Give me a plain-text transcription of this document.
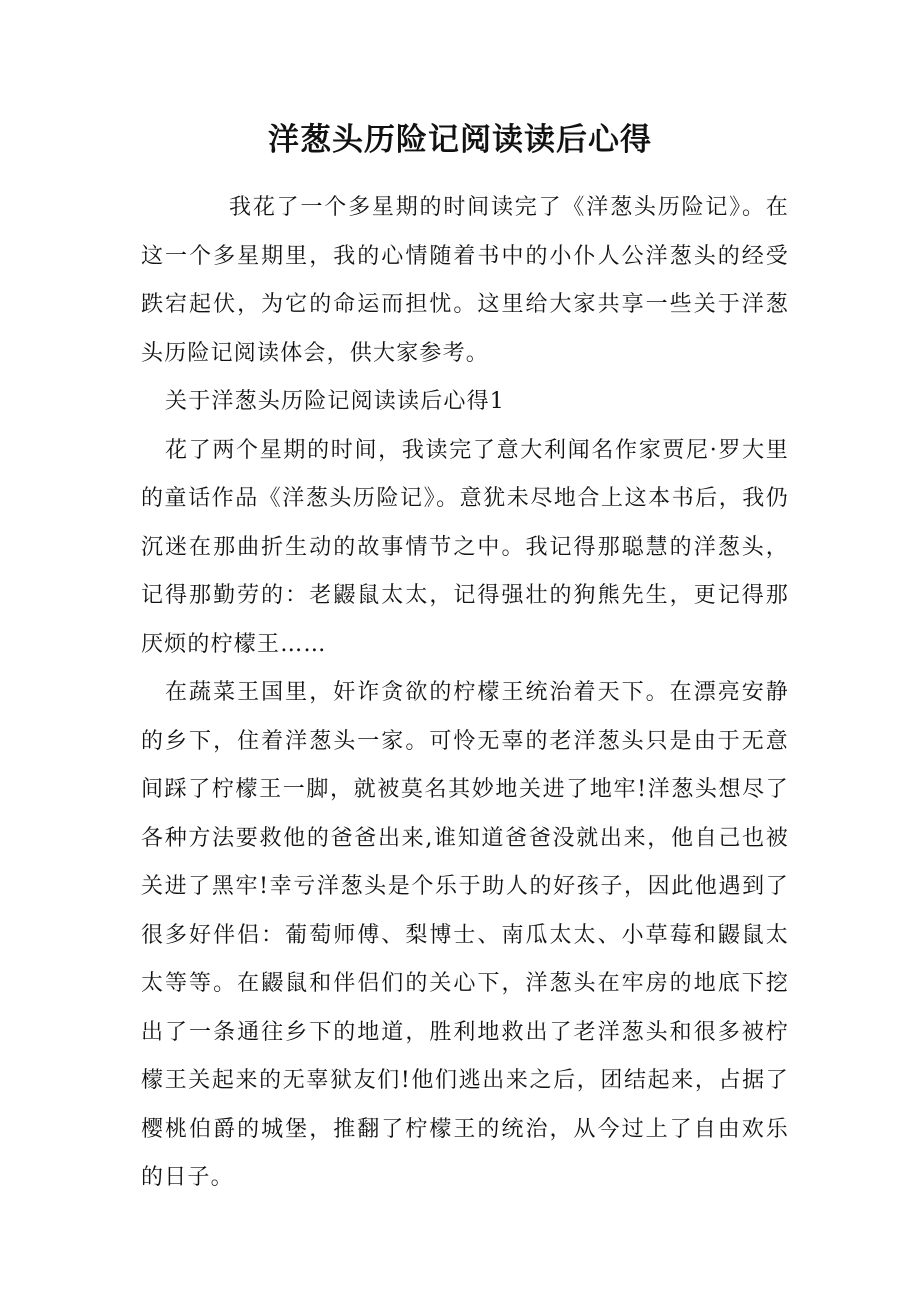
洋葱头历险记阅读读后心得

我花了一个多星期的时间读完了《洋葱头历险记》。在这一个多星期里，我的心情随着书中的小仆人公洋葱头的经受跌宕起伏，为它的命运而担忧。这里给大家共享一些关于洋葱头历险记阅读体会，供大家参考。

关于洋葱头历险记阅读读后心得1

花了两个星期的时间，我读完了意大利闻名作家贾尼·罗大里的童话作品《洋葱头历险记》。意犹未尽地合上这本书后，我仍沉迷在那曲折生动的故事情节之中。我记得那聪慧的洋葱头，记得那勤劳的：老鼹鼠太太，记得强壮的狗熊先生，更记得那厌烦的柠檬王……

在蔬菜王国里，奸诈贪欲的柠檬王统治着天下。在漂亮安静的乡下，住着洋葱头一家。可怜无辜的老洋葱头只是由于无意间踩了柠檬王一脚，就被莫名其妙地关进了地牢!洋葱头想尽了各种方法要救他的爸爸出来,谁知道爸爸没就出来，他自己也被关进了黑牢!幸亏洋葱头是个乐于助人的好孩子，因此他遇到了很多好伴侣：葡萄师傅、梨博士、南瓜太太、小草莓和鼹鼠太太等等。在鼹鼠和伴侣们的关心下，洋葱头在牢房的地底下挖出了一条通往乡下的地道，胜利地救出了老洋葱头和很多被柠檬王关起来的无辜狱友们!他们逃出来之后，团结起来，占据了樱桃伯爵的城堡，推翻了柠檬王的统治，从今过上了自由欢乐的日子。
